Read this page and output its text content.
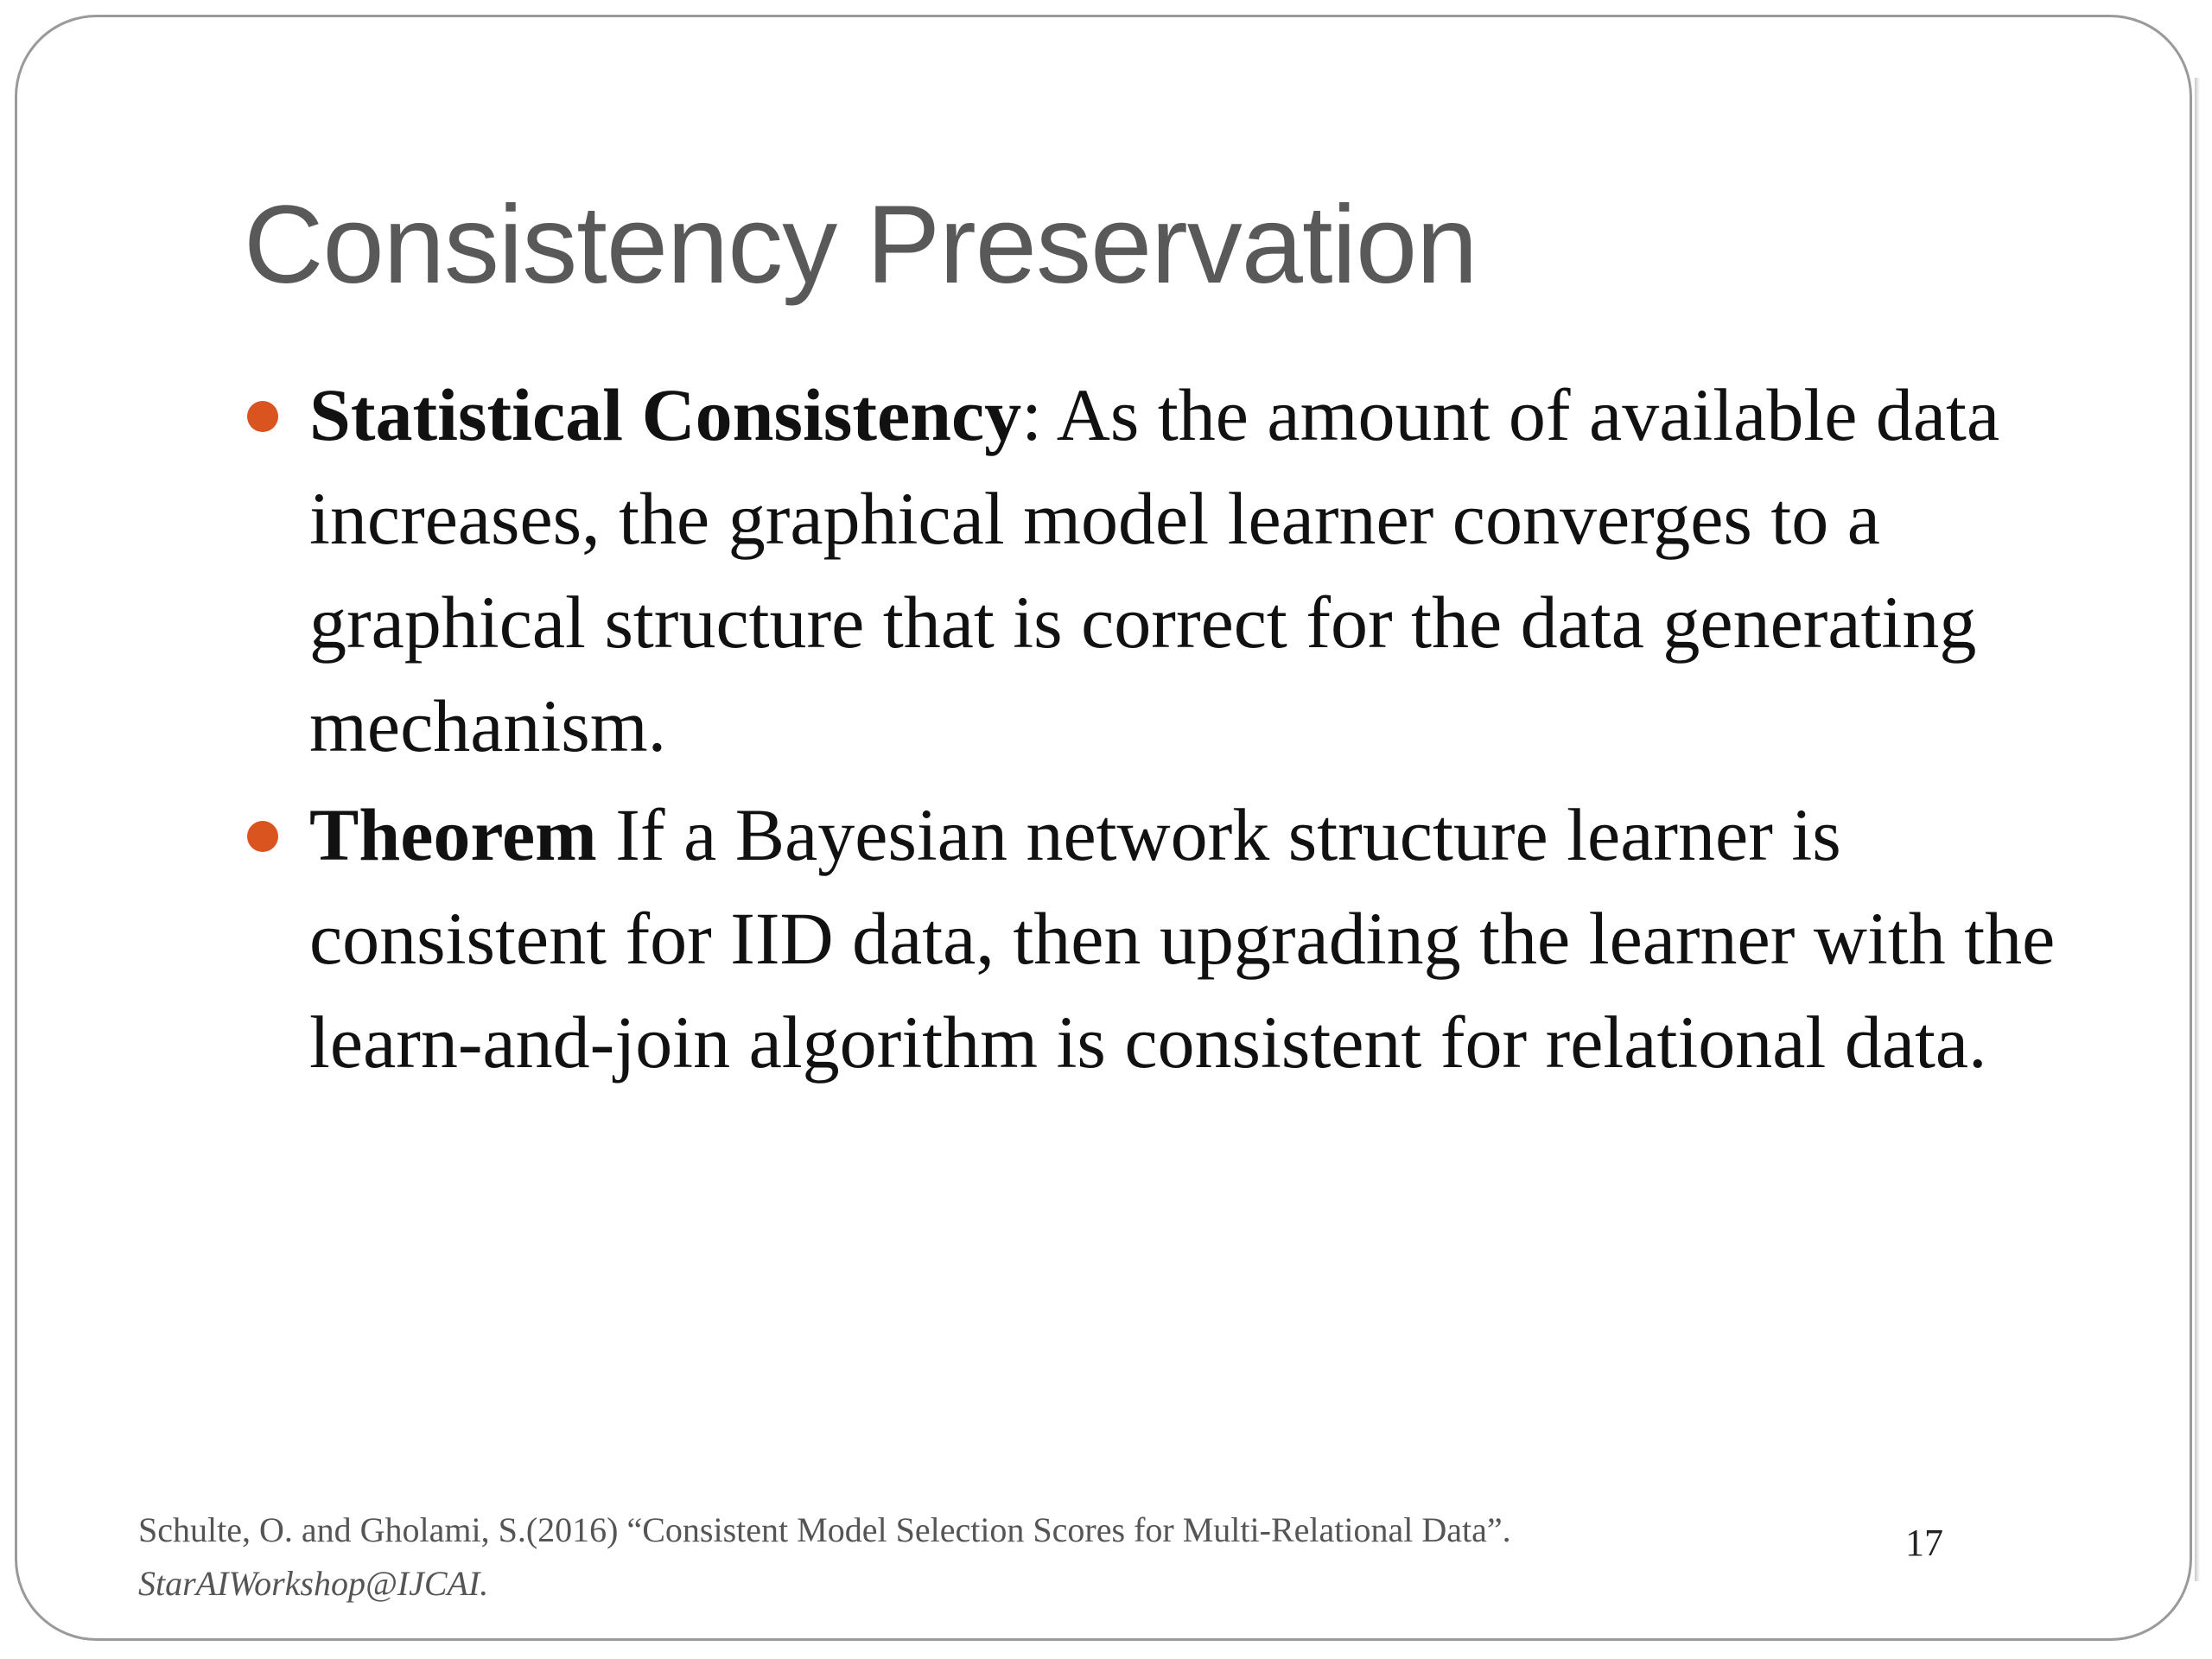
Consistency Preservation
Statistical Consistency: As the amount of available data increases, the graphical model learner converges to a graphical structure that is correct for the data generating mechanism.
Theorem If a Bayesian network structure learner is consistent for IID data, then upgrading the learner with the learn-and-join algorithm is consistent for relational data.
Schulte, O. and Gholami, S.(2016) “Consistent Model Selection Scores for Multi-Relational Data”.
StarAIWorkshop@IJCAI.
17
